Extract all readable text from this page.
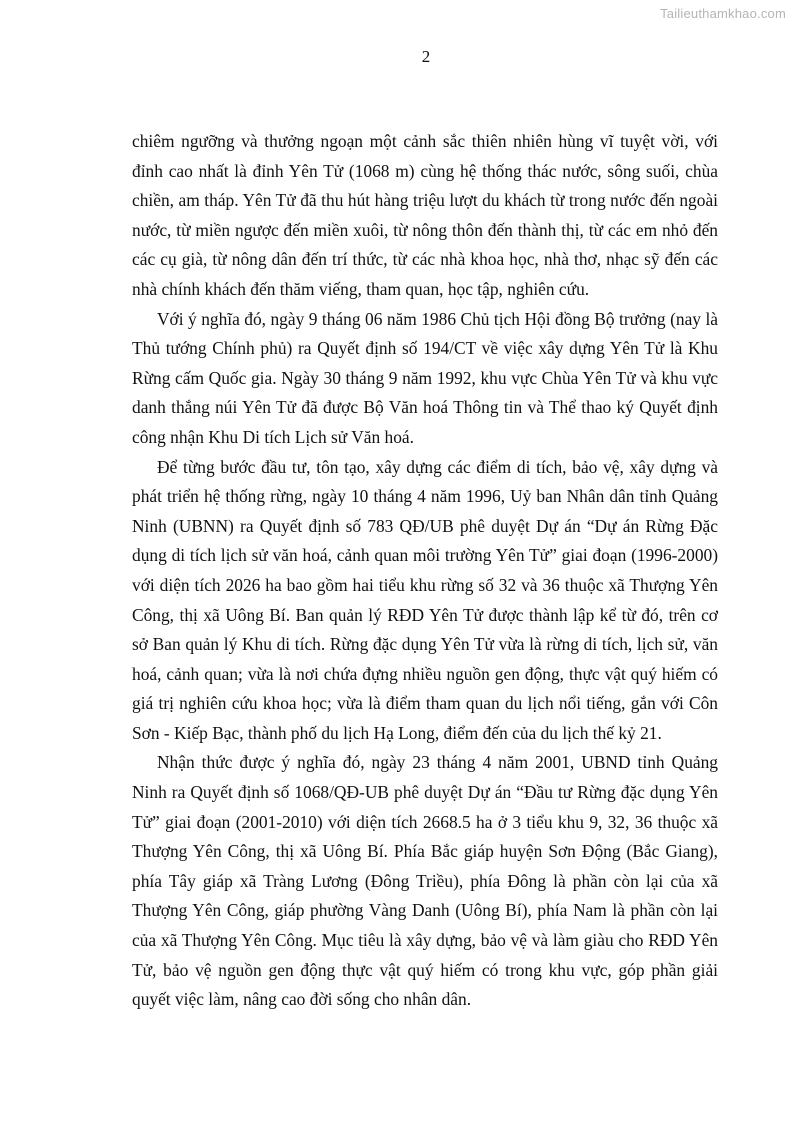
Tailieuthamkhao.com
2

chiêm ngưỡng và thưởng ngoạn một cảnh sắc thiên nhiên hùng vĩ tuyệt vời, với đỉnh cao nhất là đỉnh Yên Tử (1068 m) cùng hệ thống thác nước, sông suối, chùa chiền, am tháp. Yên Tử đã thu hút hàng triệu lượt du khách từ trong nước đến ngoài nước, từ miền ngược đến miền xuôi, từ nông thôn đến thành thị, từ các em nhỏ đến các cụ già, từ nông dân đến trí thức, từ các nhà khoa học, nhà thơ, nhạc sỹ đến các nhà chính khách đến thăm viếng, tham quan, học tập, nghiên cứu.

Với ý nghĩa đó, ngày 9 tháng 06 năm 1986 Chủ tịch Hội đồng Bộ trưởng (nay là Thủ tướng Chính phủ) ra Quyết định số 194/CT về việc xây dựng Yên Tử là Khu Rừng cấm Quốc gia. Ngày 30 tháng 9 năm 1992, khu vực Chùa Yên Tử và khu vực danh thắng núi Yên Tử đã được Bộ Văn hoá Thông tin và Thể thao ký Quyết định công nhận Khu Di tích Lịch sử Văn hoá.

Để từng bước đầu tư, tôn tạo, xây dựng các điểm di tích, bảo vệ, xây dựng và phát triển hệ thống rừng, ngày 10 tháng 4 năm 1996, Uỷ ban Nhân dân tỉnh Quảng Ninh (UBNN) ra Quyết định số 783 QĐ/UB phê duyệt Dự án “Dự án Rừng Đặc dụng di tích lịch sử văn hoá, cảnh quan môi trường Yên Tử” giai đoạn (1996-2000) với diện tích 2026 ha bao gồm hai tiểu khu rừng số 32 và 36 thuộc xã Thượng Yên Công, thị xã Uông Bí. Ban quản lý RĐD Yên Tử được thành lập kể từ đó, trên cơ sở Ban quản lý Khu di tích. Rừng đặc dụng Yên Tử vừa là rừng di tích, lịch sử, văn hoá, cảnh quan; vừa là nơi chứa đựng nhiều nguồn gen động, thực vật quý hiếm có giá trị nghiên cứu khoa học; vừa là điểm tham quan du lịch nổi tiếng, gắn với Côn Sơn - Kiếp Bạc, thành phố du lịch Hạ Long, điểm đến của du lịch thế kỷ 21.

Nhận thức được ý nghĩa đó, ngày 23 tháng 4 năm 2001, UBND tỉnh Quảng Ninh ra Quyết định số 1068/QĐ-UB phê duyệt Dự án “Đầu tư Rừng đặc dụng Yên Tử” giai đoạn (2001-2010) với diện tích 2668.5 ha ở 3 tiểu khu 9, 32, 36 thuộc xã Thượng Yên Công, thị xã Uông Bí. Phía Bắc giáp huyện Sơn Động (Bắc Giang), phía Tây giáp xã Tràng Lương (Đông Triều), phía Đông là phần còn lại của xã Thượng Yên Công, giáp phường Vàng Danh (Uông Bí), phía Nam là phần còn lại của xã Thượng Yên Công. Mục tiêu là xây dựng, bảo vệ và làm giàu cho RĐD Yên Tử, bảo vệ nguồn gen động thực vật quý hiếm có trong khu vực, góp phần giải quyết việc làm, nâng cao đời sống cho nhân dân.
